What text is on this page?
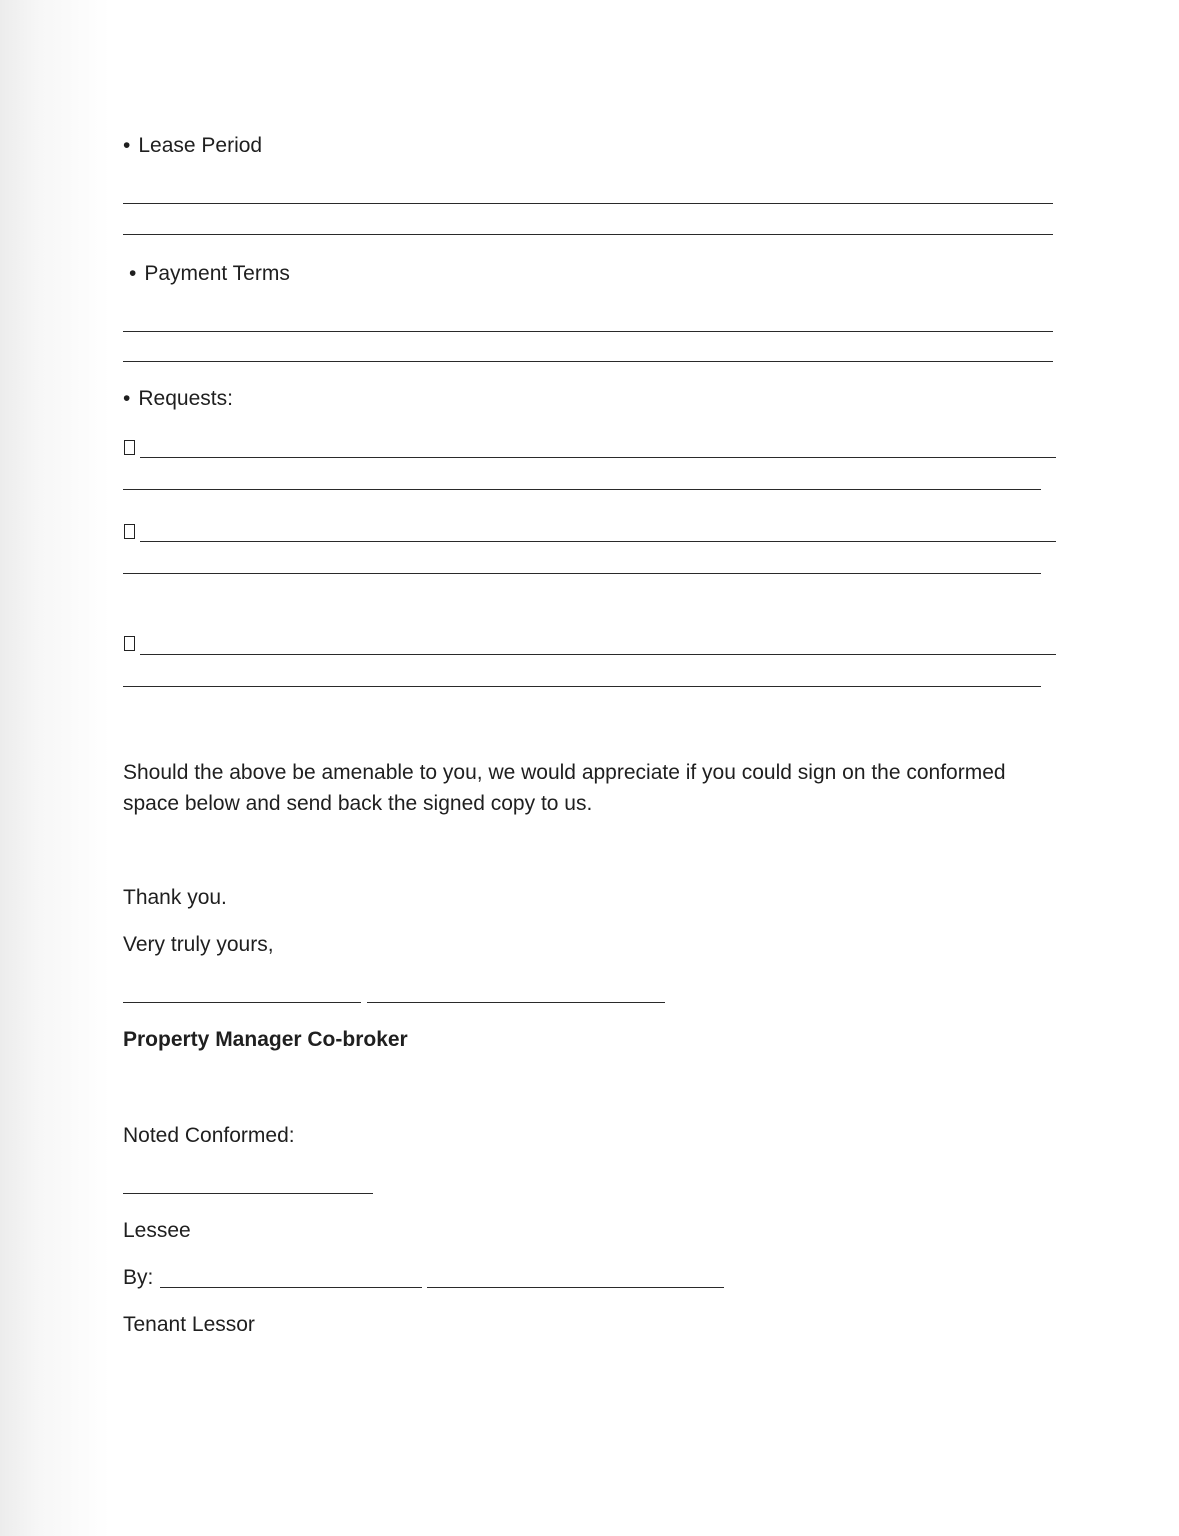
• Lease Period
• Payment Terms
• Requests:
Should the above be amenable to you, we would appreciate if you could sign on the conformed space below and send back the signed copy to us.
Thank you.
Very truly yours,
Property Manager Co-broker
Noted Conformed:
Lessee
By:
Tenant Lessor
